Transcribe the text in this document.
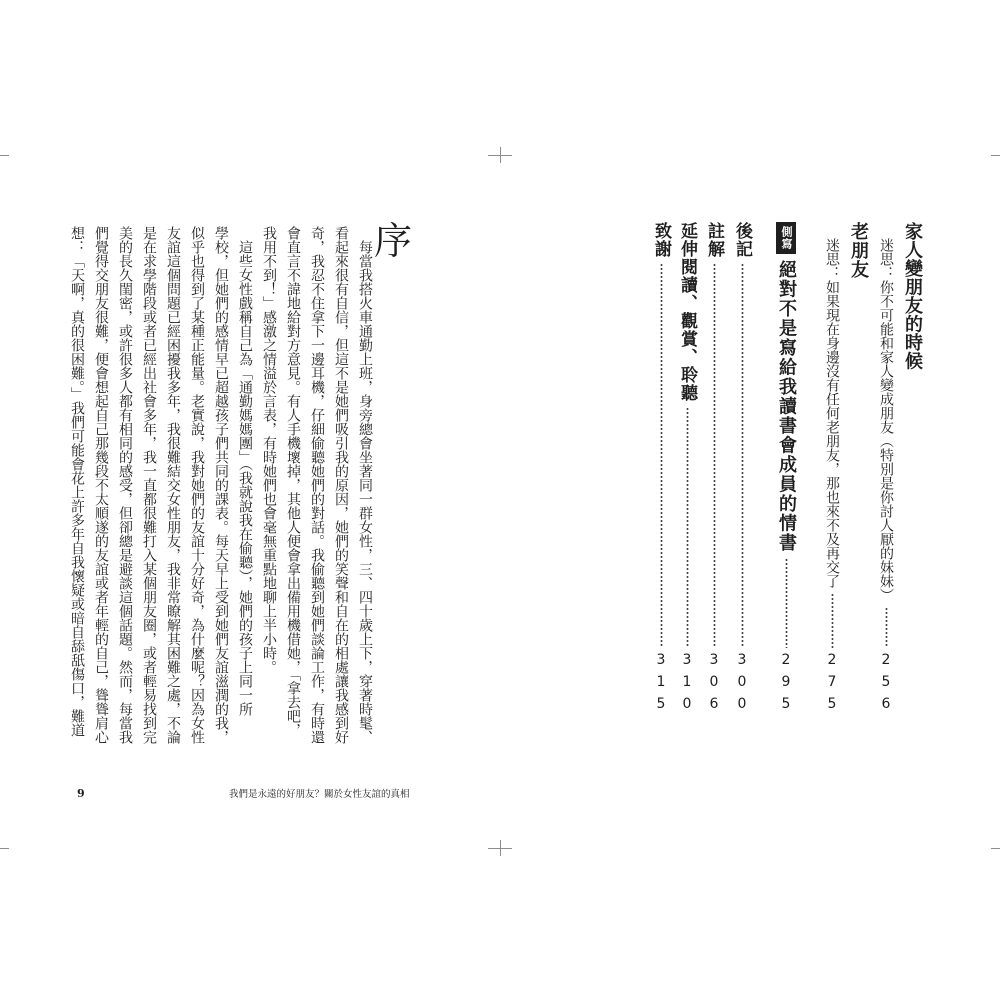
序
每當我搭火車通勤上班，身旁總會坐著同一群女性，三、四十歲上下，穿著時髦、
看起來很有自信，但這不是她們吸引我的原因，她們的笑聲和自在的相處讓我感到好
奇，我忍不住拿下一邊耳機，仔細偷聽她們的對話。我偷聽到她們談論工作，有時還
會直言不諱地給對方意見。有人手機壞掉，其他人便會拿出備用機借她，「拿去吧，
我用不到！」感激之情溢於言表，有時她們也會毫無重點地聊上半小時。
這些女性戲稱自己為「通勤媽媽團」（我就說我在偷聽），她們的孩子上同一所
學校，但她們的感情早已超越孩子們共同的課表。每天早上受到她們友誼滋潤的我，
似乎也得到了某種正能量。老實說，我對她們的友誼十分好奇，為什麼呢？因為女性
友誼這個問題已經困擾我多年，我很難結交女性朋友，我非常瞭解其困難之處，不論
是在求學階段或者已經出社會多年，我一直都很難打入某個朋友圈，或者輕易找到完
美的長久閨密，或許很多人都有相同的感受，但卻總是避談這個話題。然而，每當我
們覺得交朋友很難，便會想起自己那幾段不太順遂的友誼或者年輕的自己，聳聳肩心
想：「天啊，真的很困難。」我們可能會花上許多年自我懷疑或暗自舔舐傷口，難道
9	我們是永遠的好朋友？關於女性友誼的真相
家人變朋友的時候
迷思：你不可能和家人變成朋友（特別是你討人厭的妹妹）
256
老朋友
迷思：如果現在身邊沒有任何老朋友，那也來不及再交了
275
側寫
絕對不是寫給我讀書會成員的情書
295
後記
300
註解
306
延伸閱讀、觀賞、聆聽
310
致謝
315
